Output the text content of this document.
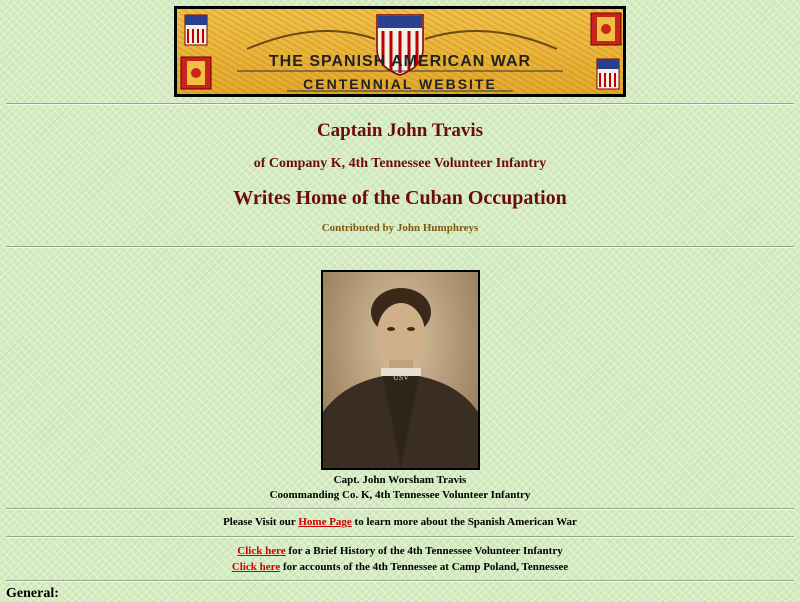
THE SPANISH AMERICAN WAR
CENTENNIAL WEBSITE
Captain John Travis
of Company K, 4th Tennessee Volunteer Infantry
Writes Home of the Cuban Occupation
Contributed by John Humphreys
USV
Capt. John Worsham Travis
Coommanding Co. K, 4th Tennessee Volunteer Infantry
Please Visit our Home Page to learn more about the Spanish American War
Click here for a Brief History of the 4th Tennessee Volunteer Infantry
Click here for accounts of the 4th Tennessee at Camp Poland, Tennessee
General:
